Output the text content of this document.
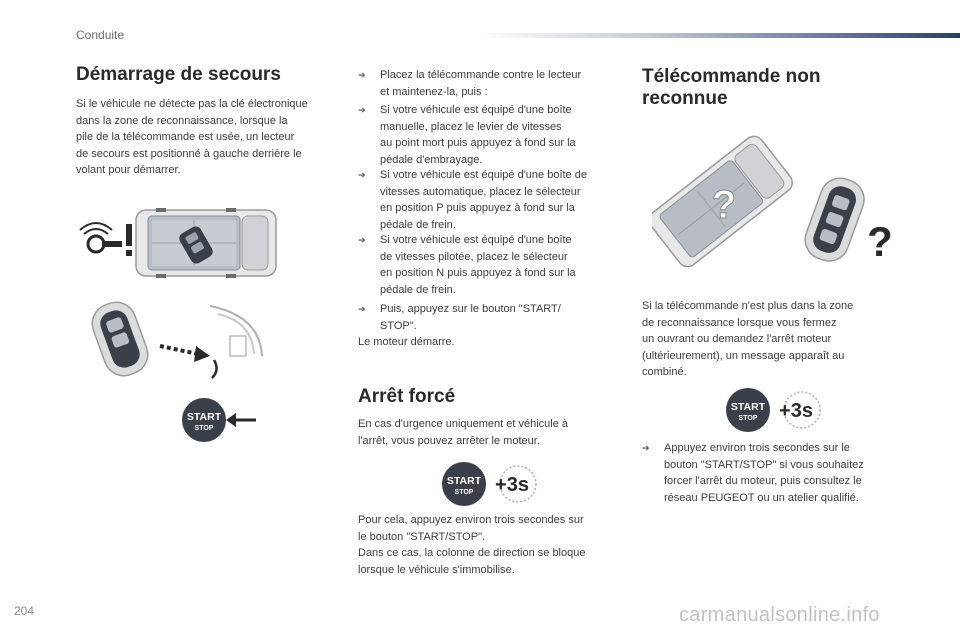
Conduite
Démarrage de secours

Si le véhicule ne détecte pas la clé électronique
dans la zone de reconnaissance, lorsque la
pile de la télécommande est usée, un lecteur
de secours est positionné à gauche derrière le
volant pour démarrer.

START
STOP
➔ Placez la télécommande contre le lecteur
et maintenez-la, puis :
➔ Si votre véhicule est équipé d'une boîte
manuelle, placez le levier de vitesses
au point mort puis appuyez à fond sur la
pédale d'embrayage.
➔ Si votre véhicule est équipé d'une boîte de
vitesses automatique, placez le sélecteur
en position P puis appuyez à fond sur la
pédale de frein.
➔ Si votre véhicule est équipé d'une boîte
de vitesses pilotée, placez le sélecteur
en position N puis appuyez à fond sur la
pédale de frein.
➔ Puis, appuyez sur le bouton "START/
STOP".

Le moteur démarre.

Arrêt forcé

En cas d'urgence uniquement et véhicule à
l'arrêt, vous pouvez arrêter le moteur.

START
STOP +3s

Pour cela, appuyez environ trois secondes sur
le bouton "START/STOP".
Dans ce cas, la colonne de direction se bloque
lorsque le véhicule s'immobilise.

Télécommande non
reconnue
?
?

Si la télécommande n'est plus dans la zone
de reconnaissance lorsque vous fermez
un ouvrant ou demandez l'arrêt moteur
(ultérieurement), un message apparaît au
combiné.

START
STOP +3s
➔ Appuyez environ trois secondes sur le
bouton "START/STOP" si vous souhaitez
forcer l'arrêt du moteur, puis consultez le
réseau PEUGEOT ou un atelier qualifié.
204	carmanualsonline.info
